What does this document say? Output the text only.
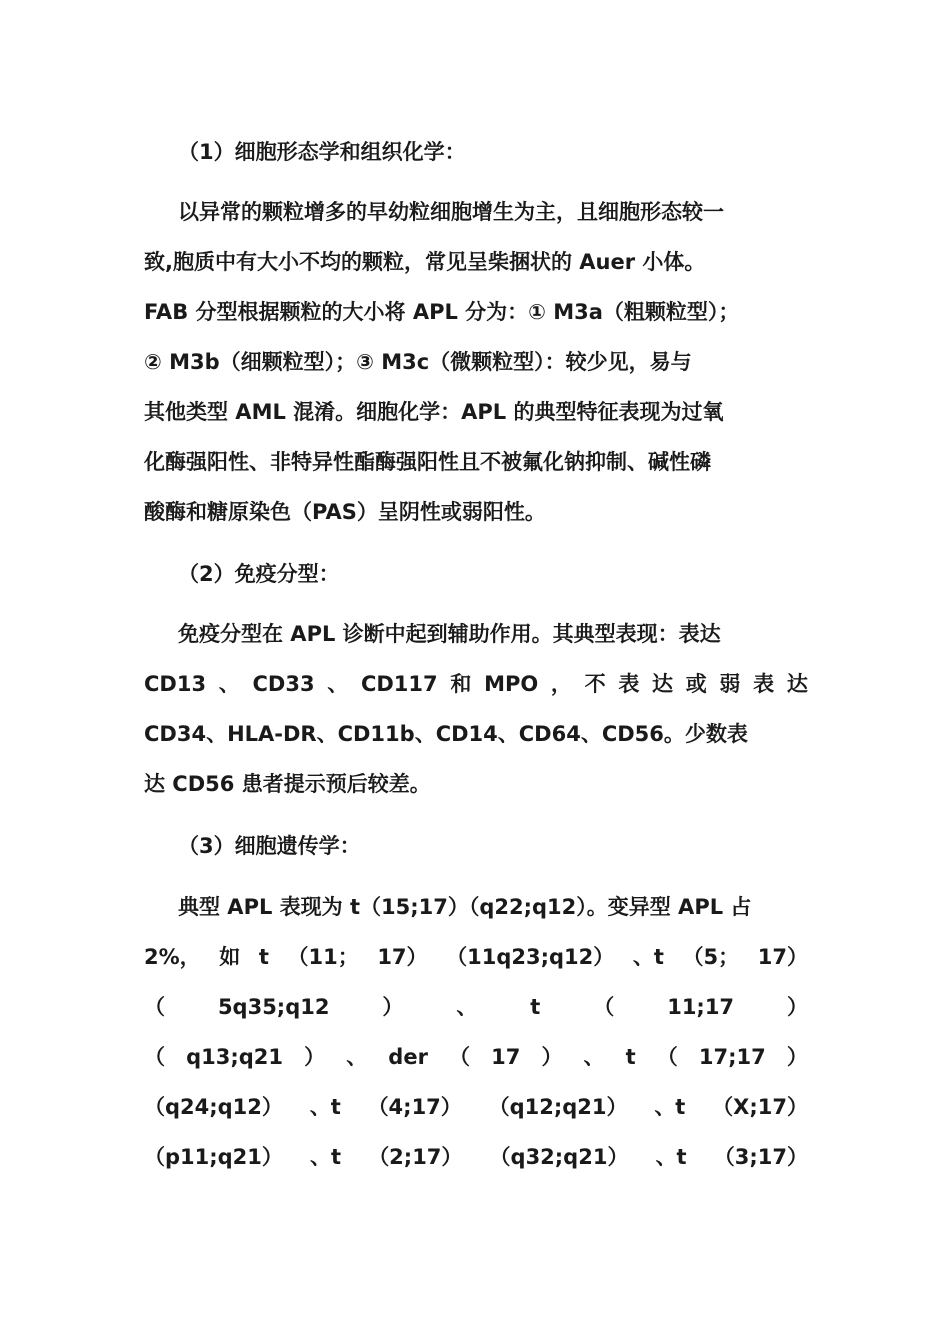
（1）细胞形态学和组织化学：
以异常的颗粒增多的早幼粒细胞增生为主，且细胞形态较一
致,胞质中有大小不均的颗粒，常见呈柴捆状的 Auer 小体。
FAB 分型根据颗粒的大小将 APL 分为：① M3a（粗颗粒型）；
② M3b（细颗粒型）；③ M3c（微颗粒型）：较少见，易与
其他类型 AML 混淆。细胞化学：APL 的典型特征表现为过氧
化酶强阳性、非特异性酯酶强阳性且不被氟化钠抑制、碱性磷
酸酶和糖原染色（PAS）呈阴性或弱阳性。
（2）免疫分型：
免疫分型在 APL 诊断中起到辅助作用。其典型表现：表达
CD13 、 CD33 、 CD117 和 MPO ， 不 表 达 或 弱 表 达
CD34、HLA-DR、CD11b、CD14、CD64、CD56。少数表
达 CD56 患者提示预后较差。
（3）细胞遗传学：
典型 APL 表现为 t（15;17）（q22;q12）。变异型 APL 占
2%， 如 t （11； 17） （11q23;q12） 、t （5； 17）
（	5q35;q12	）	、	t	（	11;17	）
（ q13;q21 ） 、 der （ 17 ） 、 t （ 17;17 ）
（q24;q12） 、t （4;17） （q12;q21） 、t （X;17）
（p11;q21） 、t （2;17） （q32;q21） 、t （3;17）
